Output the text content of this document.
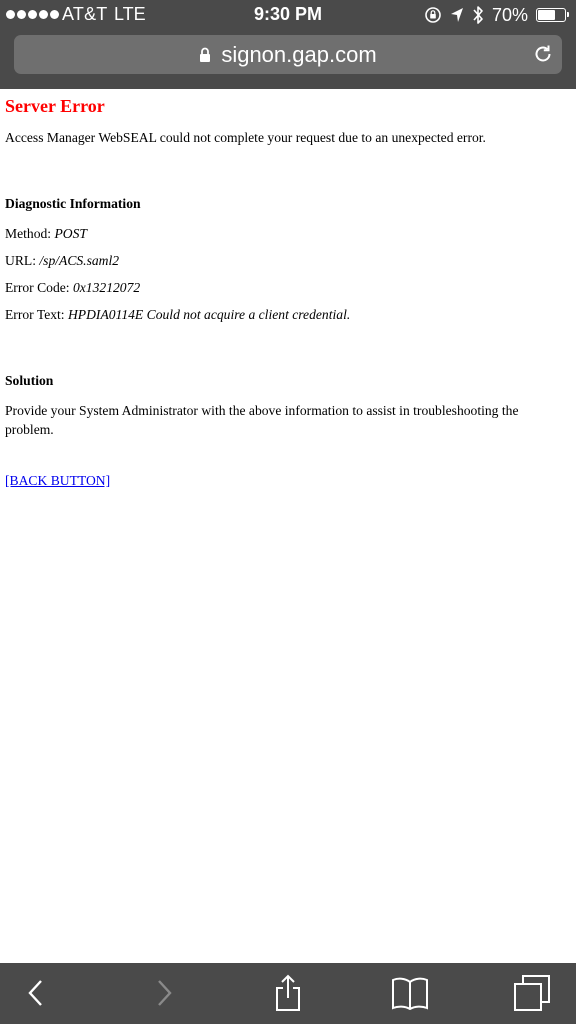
AT&T LTE	9:30 PM	70%
signon.gap.com
Server Error

Access Manager WebSEAL could not complete your request due to an unexpected error.

Diagnostic Information

Method: POST

URL: /sp/ACS.saml2

Error Code: 0x13212072

Error Text: HPDIA0114E Could not acquire a client credential.

Solution

Provide your System Administrator with the above information to assist in troubleshooting the problem.

[BACK BUTTON]
